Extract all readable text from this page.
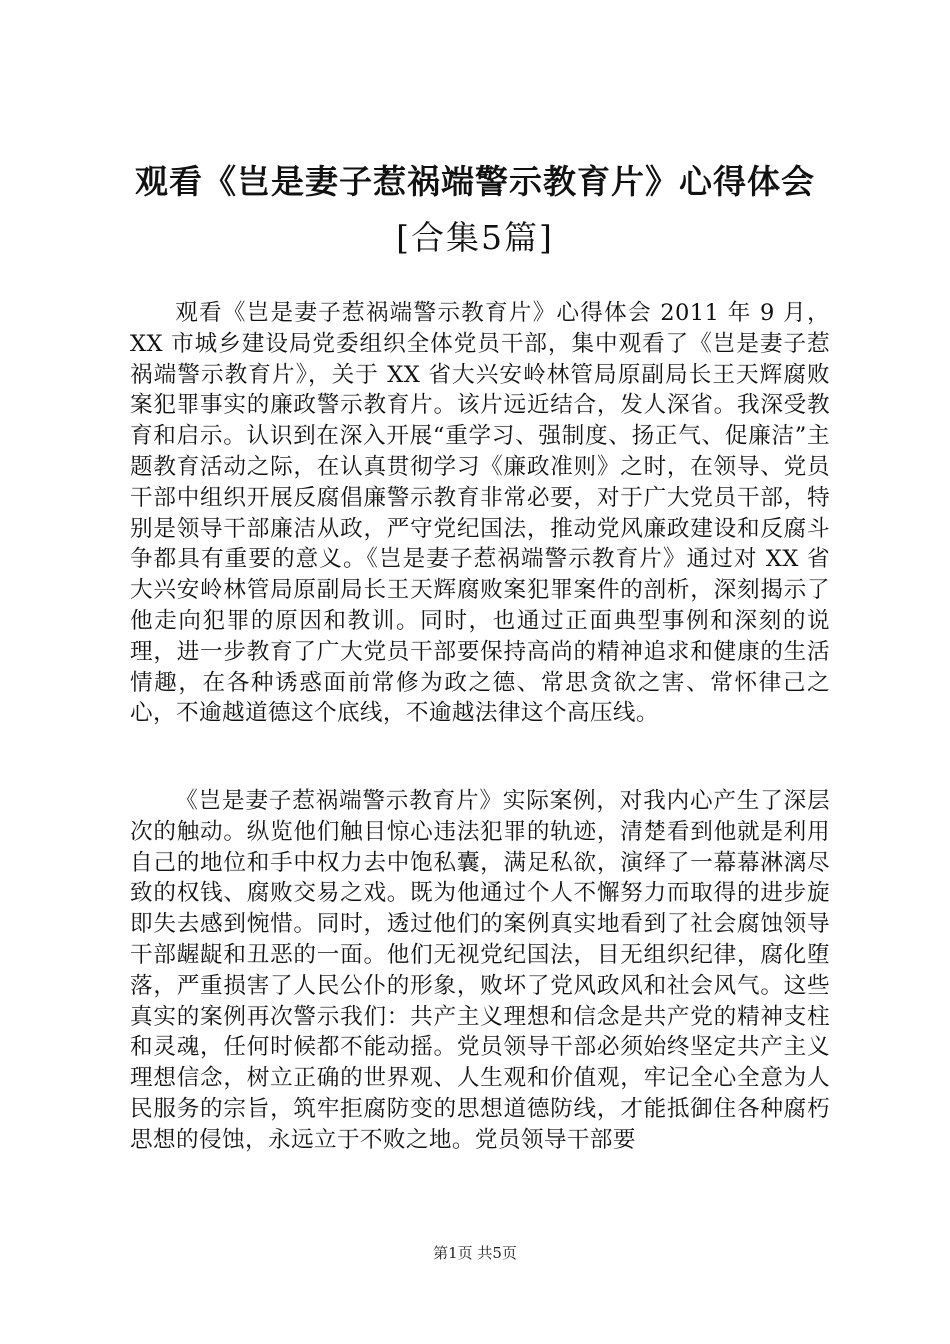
观看《岂是妻子惹祸端警示教育片》心得体会
[合集5篇]

观看《岂是妻子惹祸端警示教育片》心得体会 2011 年 9 月，XX 市城乡建设局党委组织全体党员干部，集中观看了《岂是妻子惹祸端警示教育片》，关于 XX 省大兴安岭林管局原副局长王天辉腐败案犯罪事实的廉政警示教育片。该片远近结合，发人深省。我深受教育和启示。认识到在深入开展“重学习、强制度、扬正气、促廉洁”主题教育活动之际，在认真贯彻学习《廉政准则》之时，在领导、党员干部中组织开展反腐倡廉警示教育非常必要，对于广大党员干部，特别是领导干部廉洁从政，严守党纪国法，推动党风廉政建设和反腐斗争都具有重要的意义。《岂是妻子惹祸端警示教育片》通过对 XX 省大兴安岭林管局原副局长王天辉腐败案犯罪案件的剖析，深刻揭示了他走向犯罪的原因和教训。同时，也通过正面典型事例和深刻的说理，进一步教育了广大党员干部要保持高尚的精神追求和健康的生活情趣，在各种诱惑面前常修为政之德、常思贪欲之害、常怀律己之心，不逾越道德这个底线，不逾越法律这个高压线。

《岂是妻子惹祸端警示教育片》实际案例，对我内心产生了深层次的触动。纵览他们触目惊心违法犯罪的轨迹，清楚看到他就是利用自己的地位和手中权力去中饱私囊，满足私欲，演绎了一幕幕淋漓尽致的权钱、腐败交易之戏。既为他通过个人不懈努力而取得的进步旋即失去感到惋惜。同时，透过他们的案例真实地看到了社会腐蚀领导干部龌龊和丑恶的一面。他们无视党纪国法，目无组织纪律，腐化堕落，严重损害了人民公仆的形象，败坏了党风政风和社会风气。这些真实的案例再次警示我们：共产主义理想和信念是共产党的精神支柱和灵魂，任何时候都不能动摇。党员领导干部必须始终坚定共产主义理想信念，树立正确的世界观、人生观和价值观，牢记全心全意为人民服务的宗旨，筑牢拒腐防变的思想道德防线，才能抵御住各种腐朽思想的侵蚀，永远立于不败之地。党员领导干部要

第1页 共5页
